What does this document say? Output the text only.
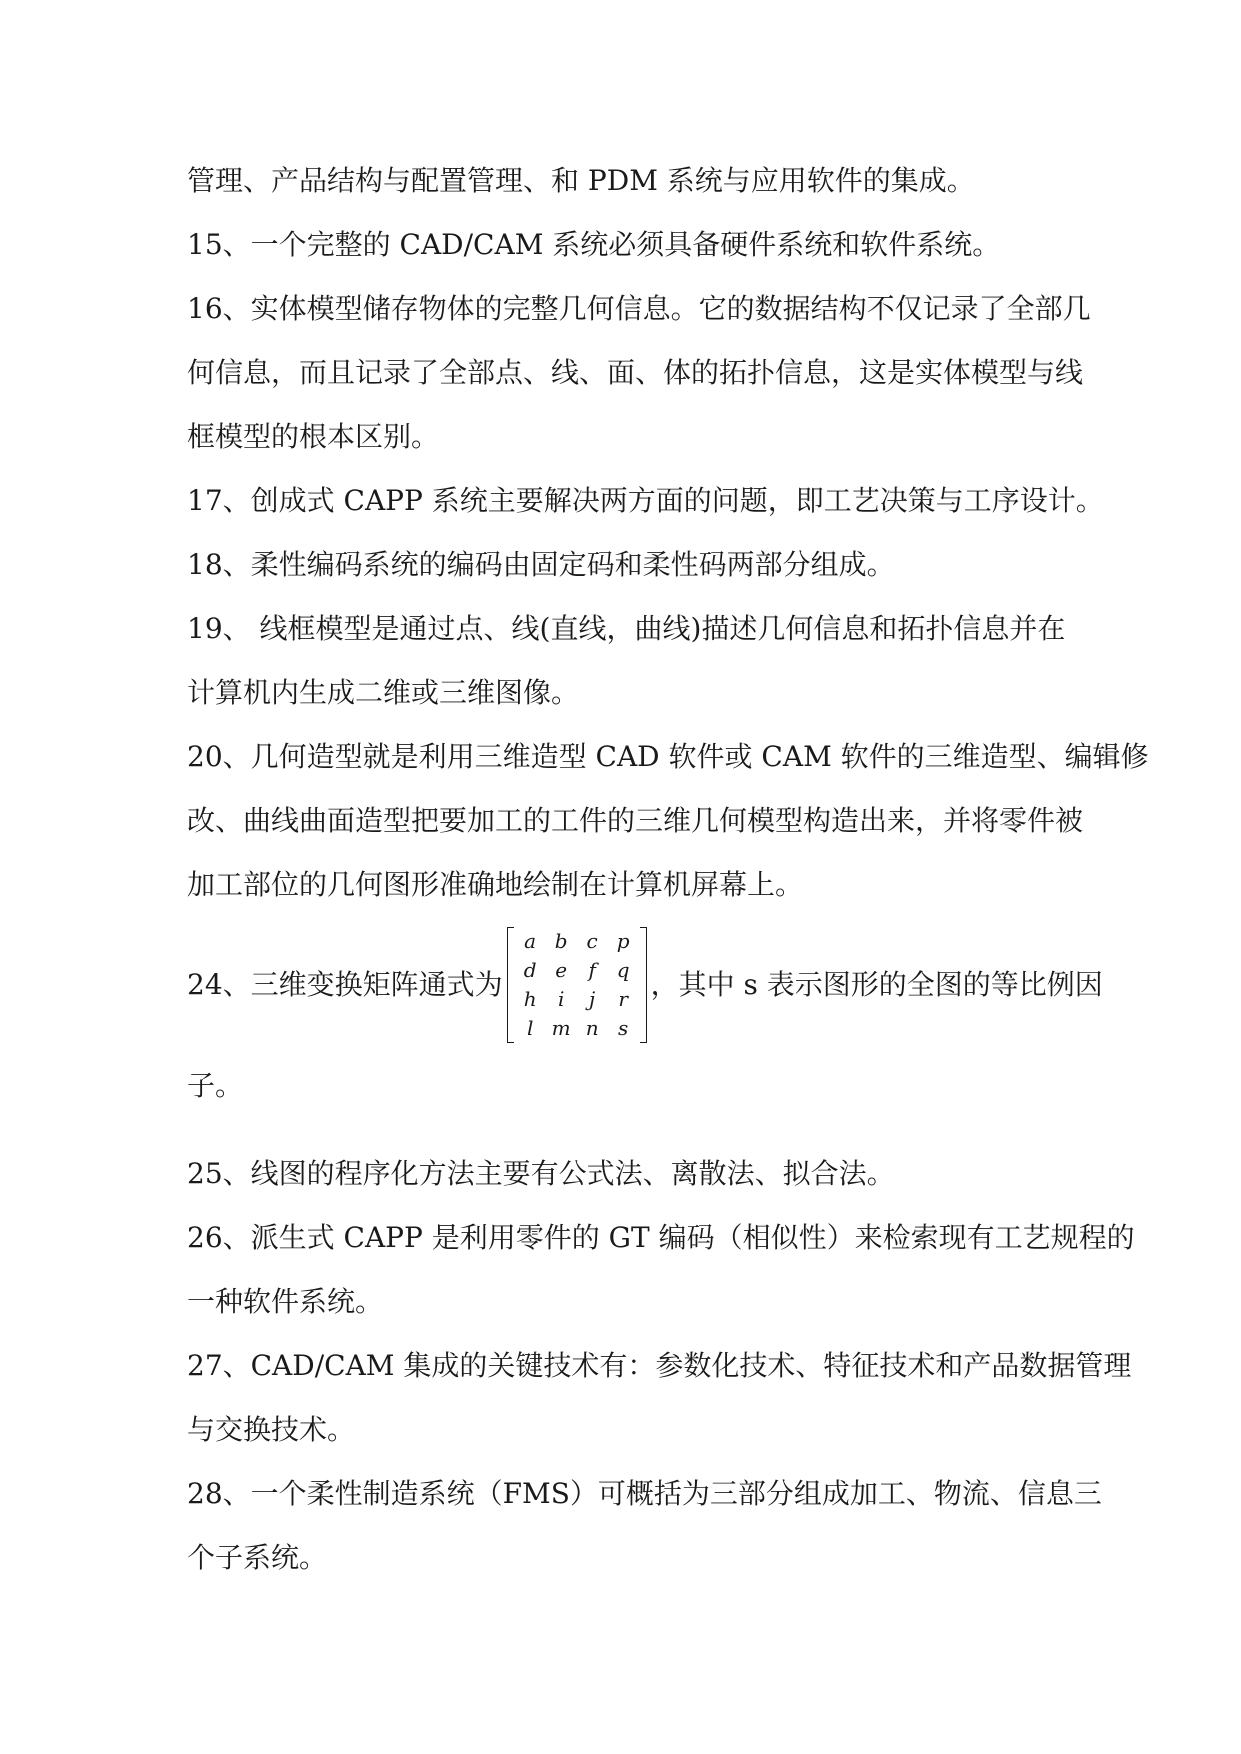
管理、产品结构与配置管理、和 PDM 系统与应用软件的集成。
15、一个完整的 CAD/CAM 系统必须具备硬件系统和软件系统。
16、实体模型储存物体的完整几何信息。它的数据结构不仅记录了全部几
何信息，而且记录了全部点、线、面、体的拓扑信息，这是实体模型与线
框模型的根本区别。
17、创成式 CAPP 系统主要解决两方面的问题，即工艺决策与工序设计。
18、柔性编码系统的编码由固定码和柔性码两部分组成。
19、 线框模型是通过点、线(直线，曲线)描述几何信息和拓扑信息并在
计算机内生成二维或三维图像。
20、几何造型就是利用三维造型 CAD 软件或 CAM 软件的三维造型、编辑修
改、曲线曲面造型把要加工的工件的三维几何模型构造出来，并将零件被
加工部位的几何图形准确地绘制在计算机屏幕上。
24、三维变换矩阵通式为
a	b	c	p
d	e	f	q
h	i	j	r
l	m	n	s
，其中 s 表示图形的全图的等比例因
子。
25、线图的程序化方法主要有公式法、离散法、拟合法。
26、派生式 CAPP 是利用零件的 GT 编码（相似性）来检索现有工艺规程的
一种软件系统。
27、CAD/CAM 集成的关键技术有：参数化技术、特征技术和产品数据管理
与交换技术。
28、一个柔性制造系统（FMS）可概括为三部分组成加工、物流、信息三
个子系统。
